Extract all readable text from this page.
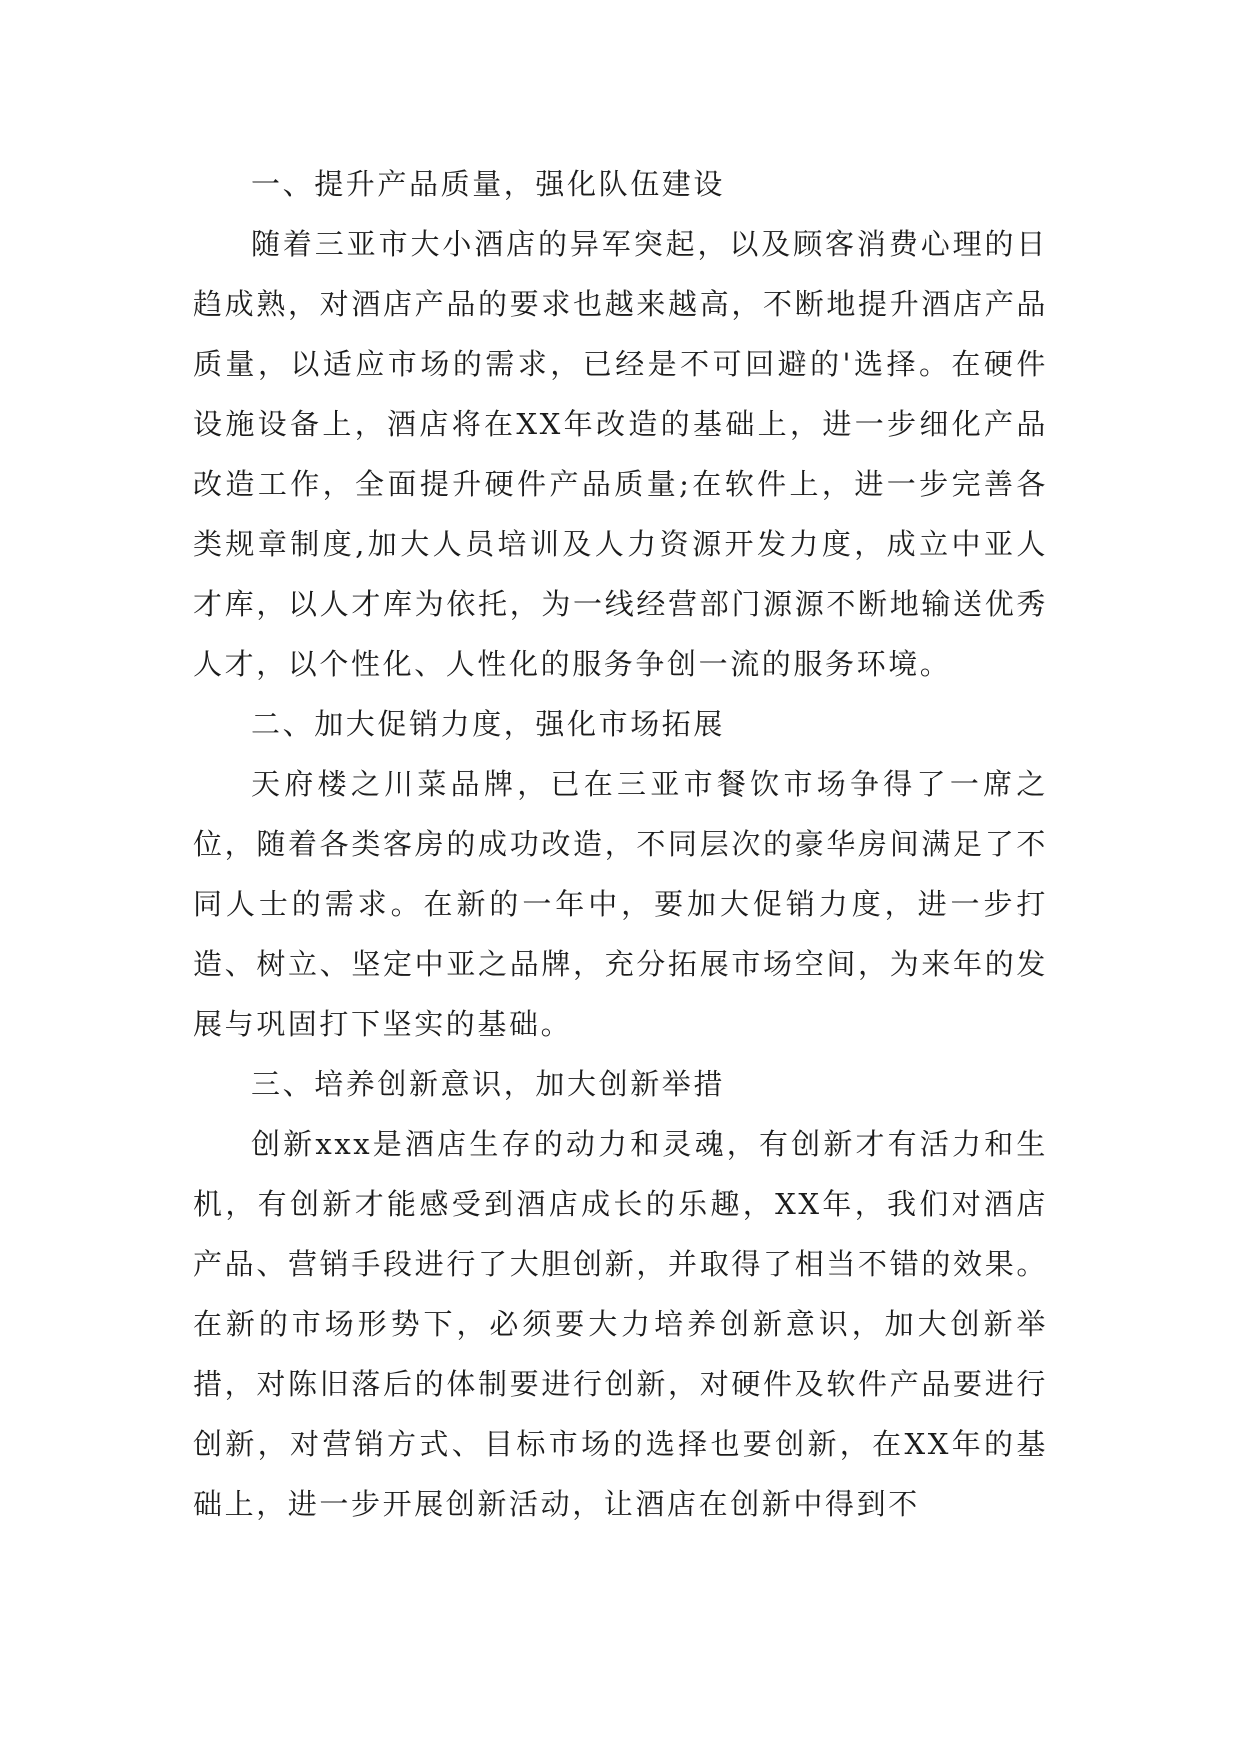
一、提升产品质量，强化队伍建设

随着三亚市大小酒店的异军突起，以及顾客消费心理的日趋成熟，对酒店产品的要求也越来越高，不断地提升酒店产品质量，以适应市场的需求，已经是不可回避的'选择。在硬件设施设备上，酒店将在XX年改造的基础上，进一步细化产品改造工作，全面提升硬件产品质量;在软件上，进一步完善各类规章制度,加大人员培训及人力资源开发力度，成立中亚人才库，以人才库为依托，为一线经营部门源源不断地输送优秀人才，以个性化、人性化的服务争创一流的服务环境。

二、加大促销力度，强化市场拓展

天府楼之川菜品牌，已在三亚市餐饮市场争得了一席之位，随着各类客房的成功改造，不同层次的豪华房间满足了不同人士的需求。在新的一年中，要加大促销力度，进一步打造、树立、坚定中亚之品牌，充分拓展市场空间，为来年的发展与巩固打下坚实的基础。

三、培养创新意识，加大创新举措

创新xxx是酒店生存的动力和灵魂，有创新才有活力和生机，有创新才能感受到酒店成长的乐趣，XX年，我们对酒店产品、营销手段进行了大胆创新，并取得了相当不错的效果。在新的市场形势下，必须要大力培养创新意识，加大创新举措，对陈旧落后的体制要进行创新，对硬件及软件产品要进行创新，对营销方式、目标市场的选择也要创新，在XX年的基础上，进一步开展创新活动，让酒店在创新中得到不
